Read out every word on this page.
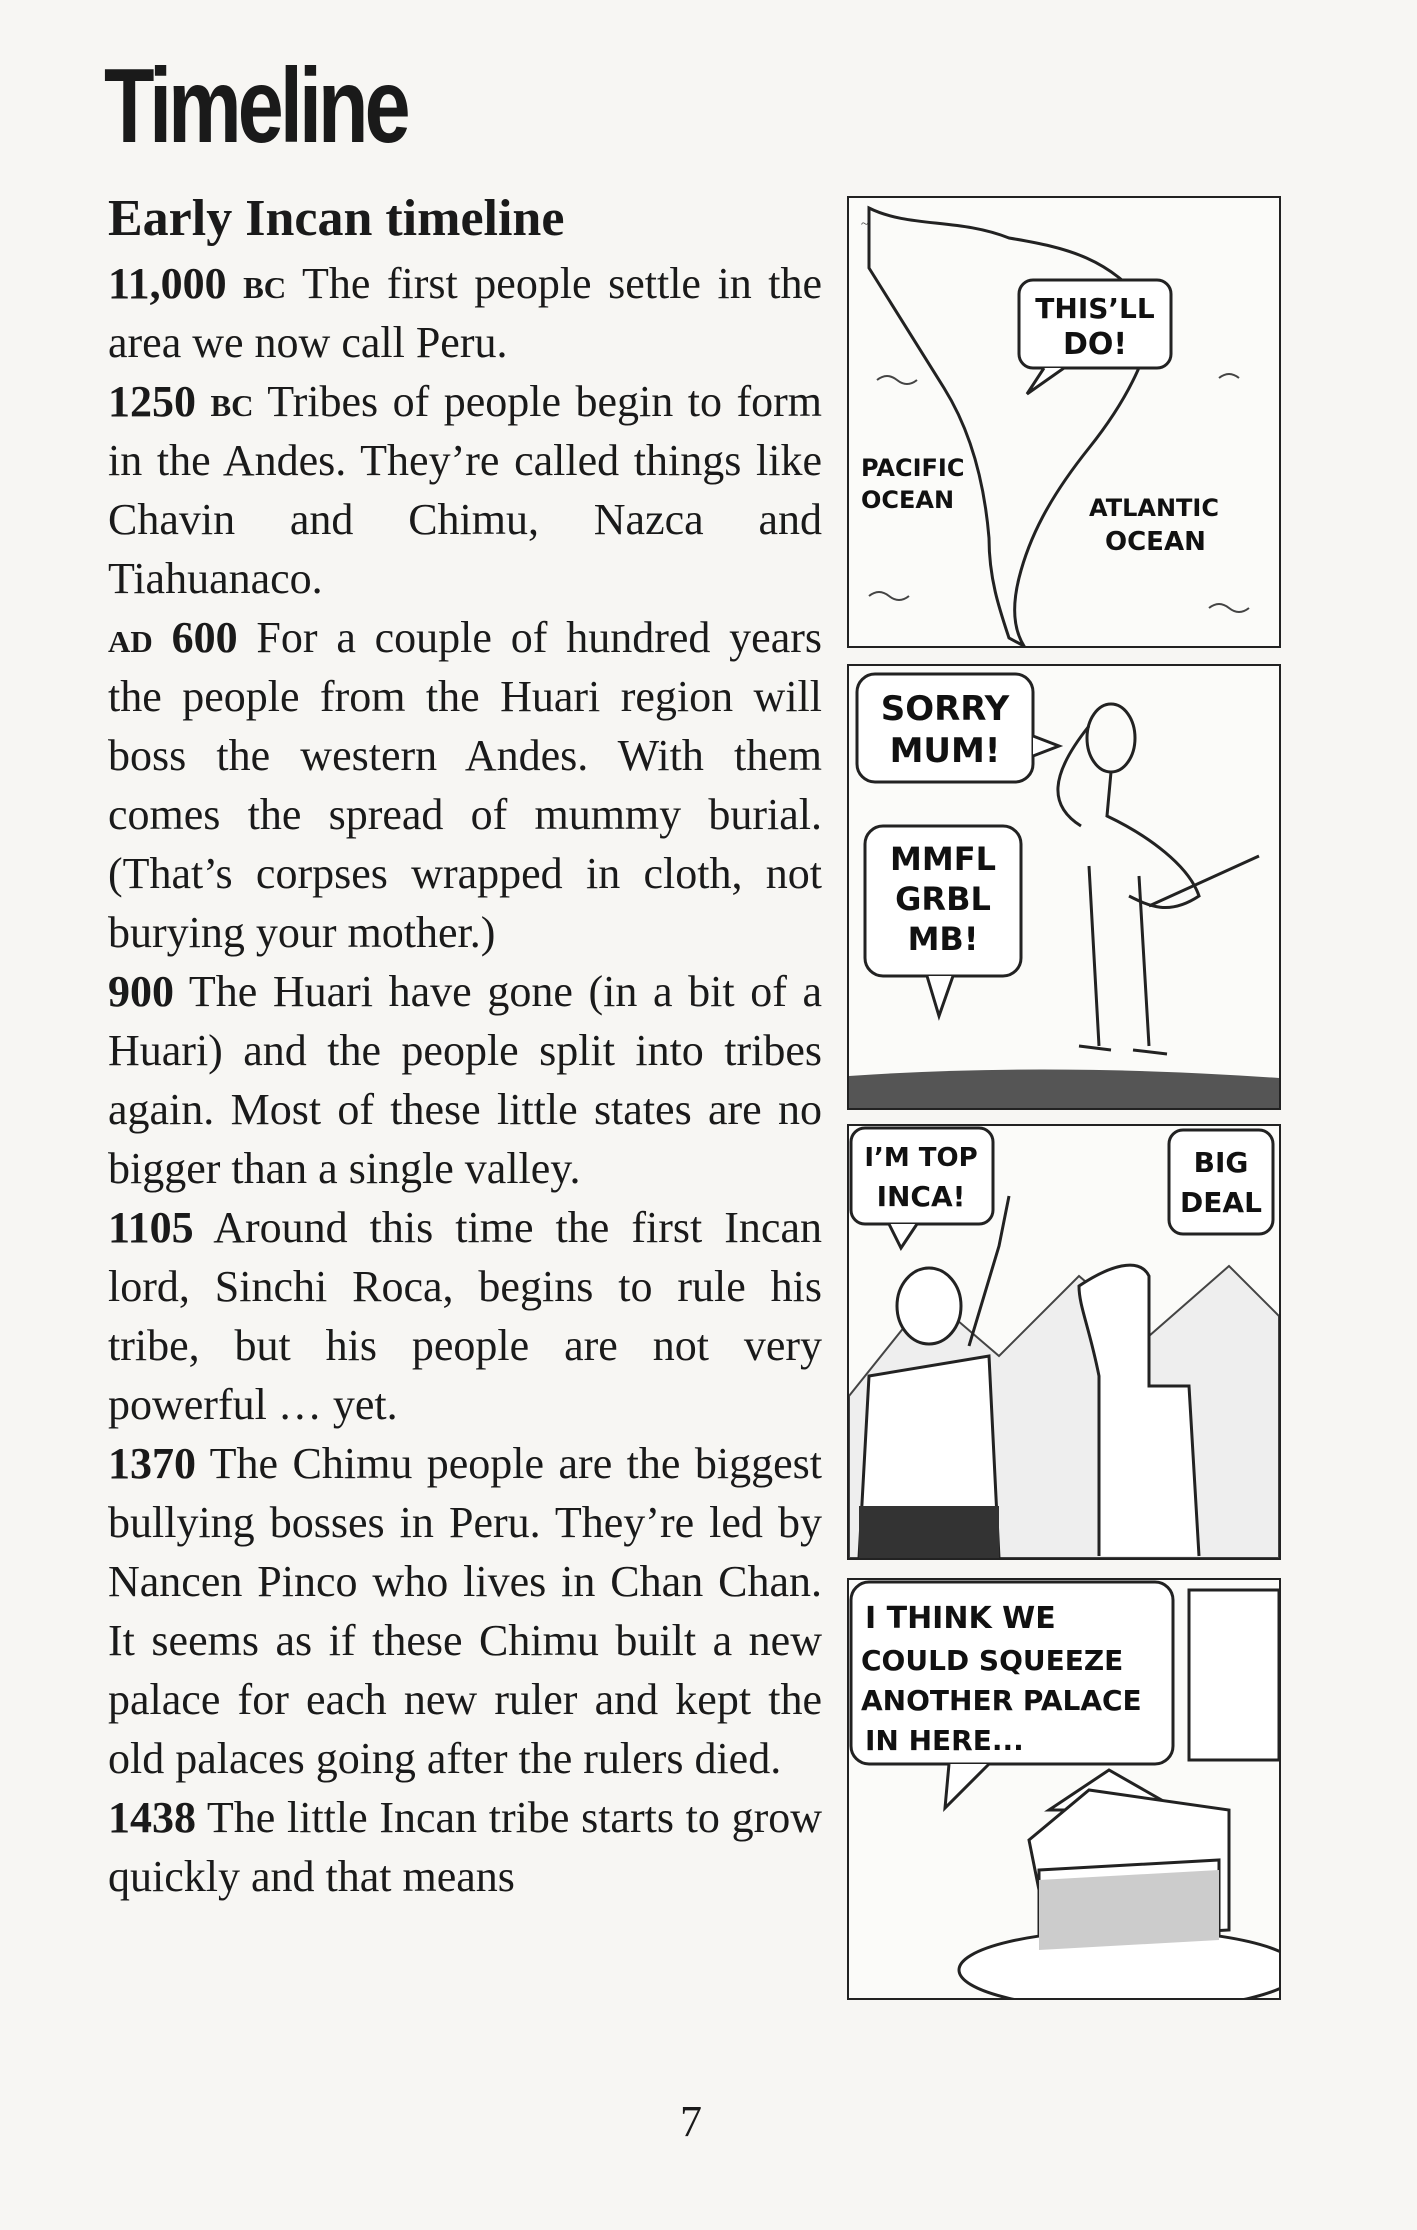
Timeline
Early Incan timeline

11,000 bc The first people settle in the area we now call Peru.

1250 bc Tribes of people begin to form in the Andes. They’re called things like Chavin and Chimu, Nazca and Tiahuanaco.

ad 600 For a couple of hundred years the people from the Huari region will boss the western Andes. With them comes the spread of mummy burial. (That’s corpses wrapped in cloth, not burying your mother.)

900 The Huari have gone (in a bit of a Huari) and the people split into tribes again. Most of these little states are no bigger than a single valley.

1105 Around this time the first Incan lord, Sinchi Roca, begins to rule his tribe, but his people are not very powerful … yet.

1370 The Chimu people are the biggest bullying bosses in Peru. They’re led by Nancen Pinco who lives in Chan Chan. It seems as if these Chimu built a new palace for each new ruler and kept the old palaces going after the rulers died.

1438 The little Incan tribe starts to grow quickly and that means

~
THIS’LL
DO!
PACIFIC
OCEAN	ATLANTIC
OCEAN
SORRY
MUM!
MMFL
GRBL
MB!
I’M TOP
INCA!
BIG
DEAL
I THINK WE
COULD SQUEEZE
ANOTHER PALACE
IN HERE...
7
